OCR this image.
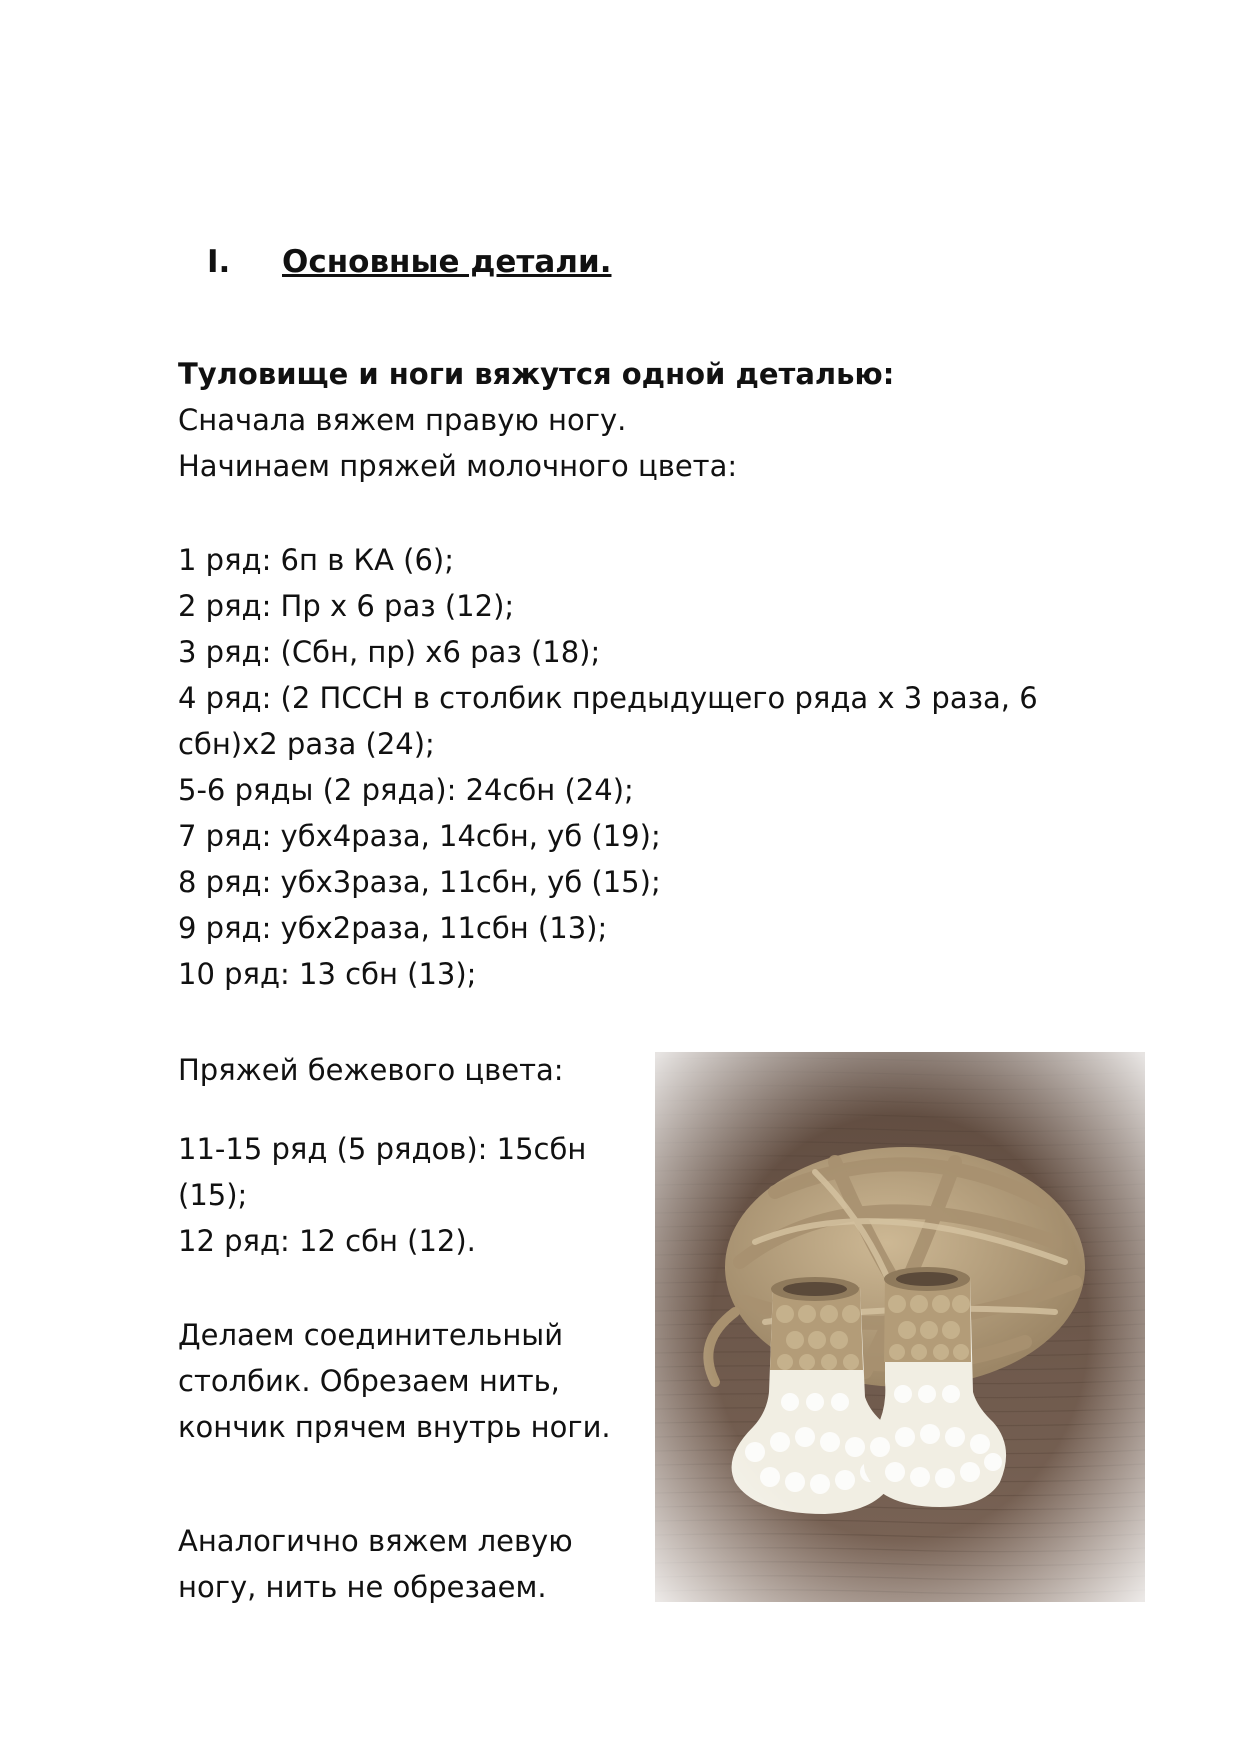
I. Основные детали.
Туловище и ноги вяжутся одной деталью:
Сначала вяжем правую ногу.
Начинаем пряжей молочного цвета:
1 ряд: 6п в КА (6);
2 ряд: Пр х 6 раз (12);
3 ряд: (Сбн, пр) х6 раз (18);
4 ряд: (2 ПССН в столбик предыдущего ряда х 3 раза, 6 сбн)х2 раза (24);
5-6 ряды (2 ряда): 24сбн (24);
7 ряд: убх4раза, 14сбн, уб (19);
8 ряд: убх3раза, 11сбн, уб (15);
9 ряд: убх2раза, 11сбн (13);
10 ряд: 13 сбн (13);
Пряжей бежевого цвета:
11-15 ряд (5 рядов): 15сбн (15);
12 ряд: 12 сбн (12).
Делаем соединительный столбик. Обрезаем нить, кончик прячем внутрь ноги.
Аналогично вяжем левую ногу, нить не обрезаем.
